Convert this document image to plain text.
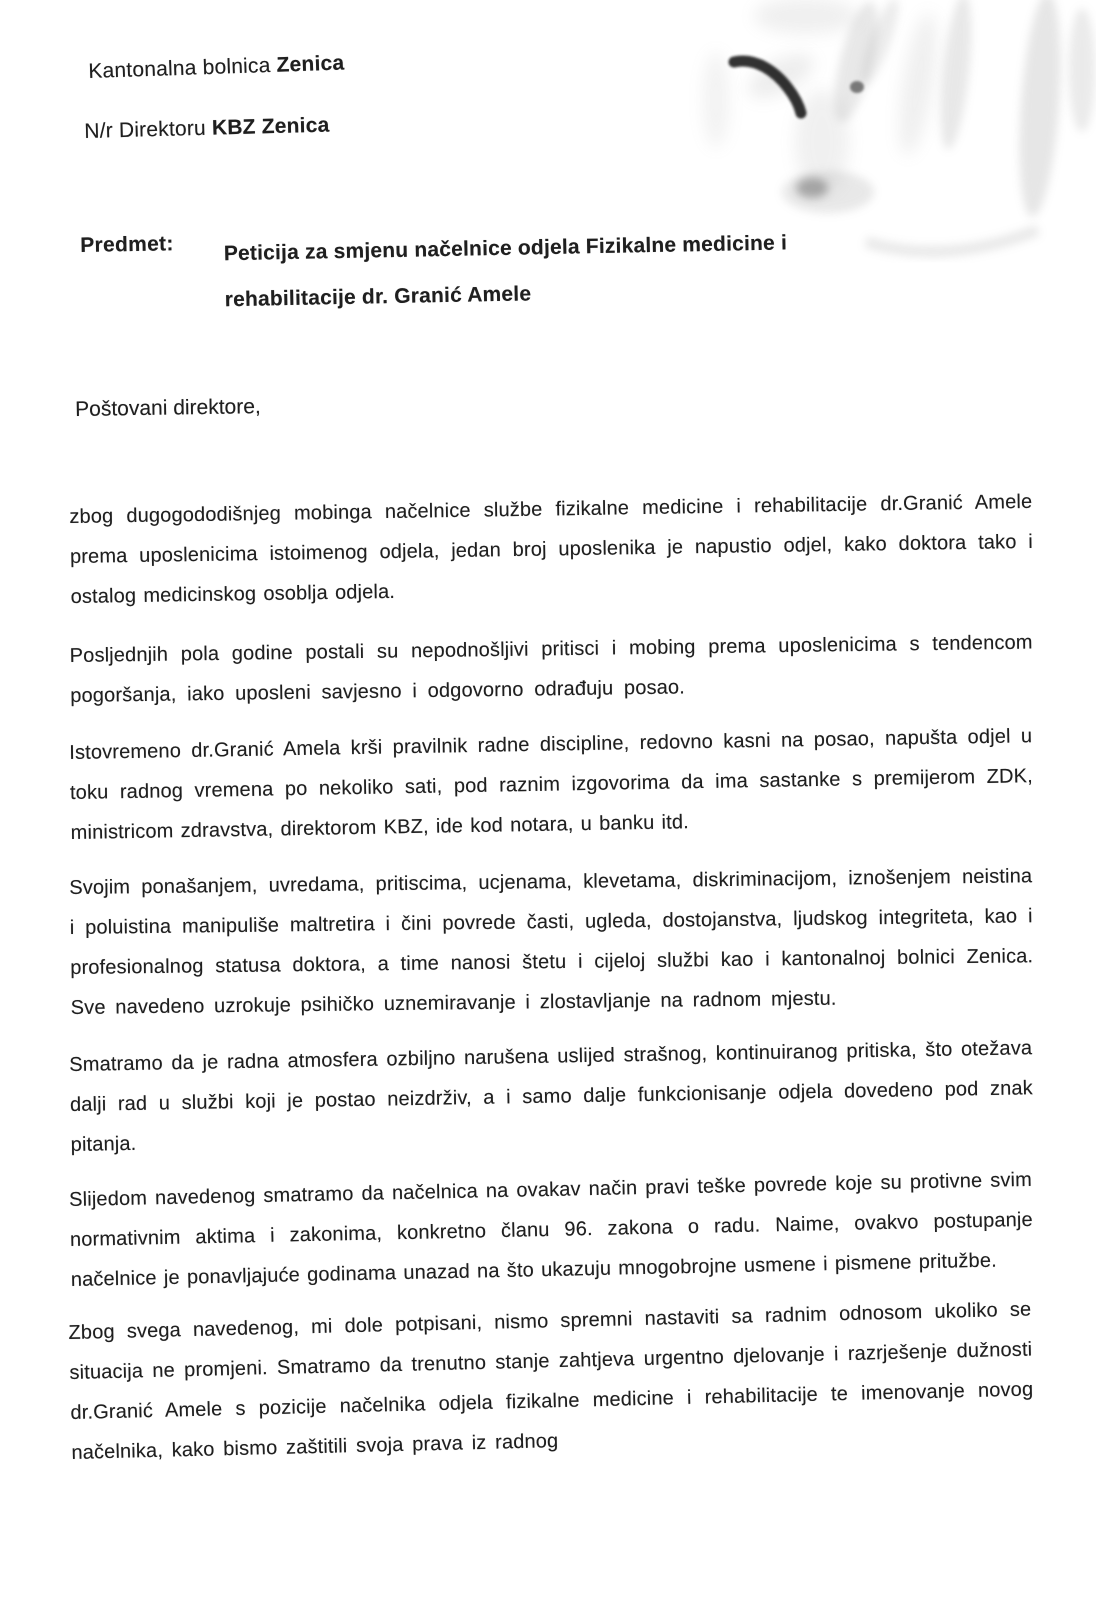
Kantonalna bolnica Zenica
N/r Direktoru KBZ Zenica
Predmet: Peticija za smjenu načelnice odjela Fizikalne medicine i rehabilitacije dr. Granić Amele

Poštovani direktore,

zbog dugogododišnjeg mobinga načelnice službe fizikalne medicine i rehabilitacije dr.Granić Amele prema uposlenicima istoimenog odjela, jedan broj uposlenika je napustio odjel, kako doktora tako i ostalog medicinskog osoblja odjela.

Posljednjih pola godine postali su nepodnošljivi pritisci i mobing prema uposlenicima s tendencom pogoršanja, iako uposleni savjesno i odgovorno odrađuju posao.

Istovremeno dr.Granić Amela krši pravilnik radne discipline, redovno kasni na posao, napušta odjel u toku radnog vremena po nekoliko sati, pod raznim izgovorima da ima sastanke s premijerom ZDK, ministricom zdravstva, direktorom KBZ, ide kod notara, u banku itd.

Svojim ponašanjem, uvredama, pritiscima, ucjenama, klevetama, diskriminacijom, iznošenjem neistina i poluistina manipuliše maltretira i čini povrede časti, ugleda, dostojanstva, ljudskog integriteta, kao i profesionalnog statusa doktora, a time nanosi štetu i cijeloj službi kao i kantonalnoj bolnici Zenica. Sve navedeno uzrokuje psihičko uznemiravanje i zlostavljanje na radnom mjestu.

Smatramo da je radna atmosfera ozbiljno narušena uslijed strašnog, kontinuiranog pritiska, što otežava dalji rad u službi koji je postao neizdrživ, a i samo dalje funkcionisanje odjela dovedeno pod znak pitanja.

Slijedom navedenog smatramo da načelnica na ovakav način pravi teške povrede koje su protivne svim normativnim aktima i zakonima, konkretno članu 96. zakona o radu. Naime, ovakvo postupanje načelnice je ponavljajuće godinama unazad na što ukazuju mnogobrojne usmene i pismene pritužbe.

Zbog svega navedenog, mi dole potpisani, nismo spremni nastaviti sa radnim odnosom ukoliko se situacija ne promjeni. Smatramo da trenutno stanje zahtjeva urgentno djelovanje i razrješenje dužnosti dr.Granić Amele s pozicije načelnika odjela fizikalne medicine i rehabilitacije te imenovanje novog načelnika, kako bismo zaštitili svoja prava iz radnog
